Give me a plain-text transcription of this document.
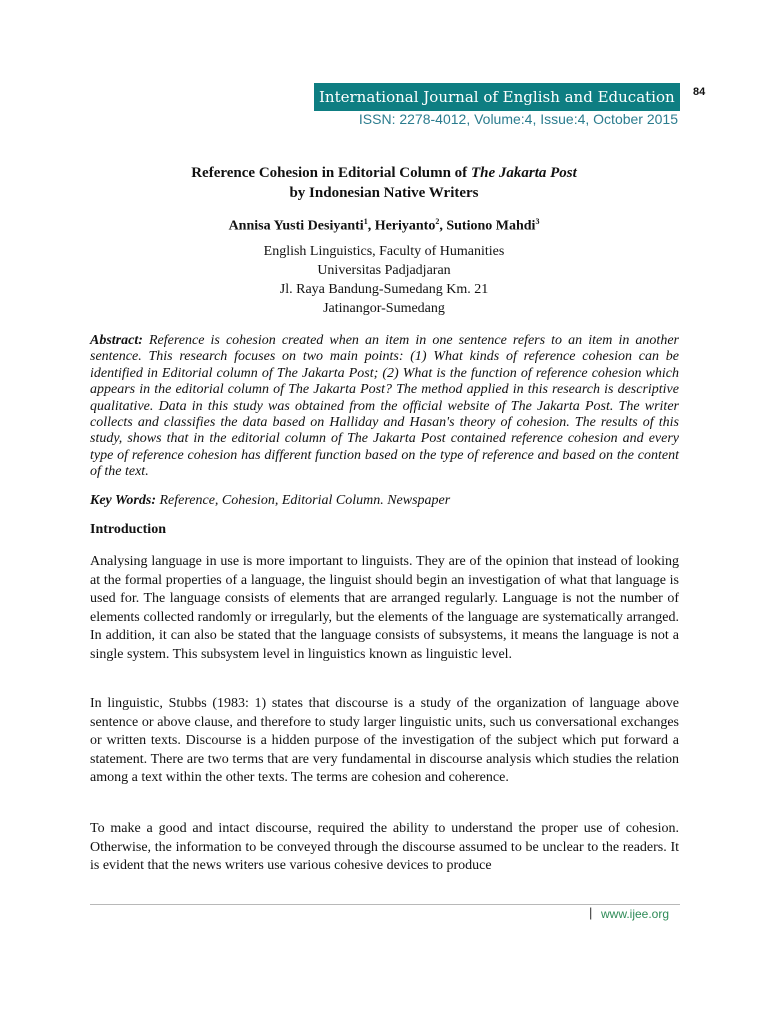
International Journal of English and Education	84
ISSN: 2278-4012, Volume:4, Issue:4, October 2015
Reference Cohesion in Editorial Column of The Jakarta Post
by Indonesian Native Writers
Annisa Yusti Desiyanti$^1$, Heriyanto$^2$, Sutiono Mahdi$^3$
English Linguistics, Faculty of Humanities
Universitas Padjadjaran
Jl. Raya Bandung-Sumedang Km. 21
Jatinangor-Sumedang

Abstract: Reference is cohesion created when an item in one sentence refers to an item in another sentence. This research focuses on two main points: (1) What kinds of reference cohesion can be identified in Editorial column of The Jakarta Post; (2) What is the function of reference cohesion which appears in the editorial column of The Jakarta Post? The method applied in this research is descriptive qualitative. Data in this study was obtained from the official website of The Jakarta Post. The writer collects and classifies the data based on Halliday and Hasan's theory of cohesion. The results of this study, shows that in the editorial column of The Jakarta Post contained reference cohesion and every type of reference cohesion has different function based on the type of reference and based on the content of the text.

Key Words: Reference, Cohesion, Editorial Column. Newspaper
Introduction

Analysing language in use is more important to linguists. They are of the opinion that instead of looking at the formal properties of a language, the linguist should begin an investigation of what that language is used for. The language consists of elements that are arranged regularly. Language is not the number of elements collected randomly or irregularly, but the elements of the language are systematically arranged. In addition, it can also be stated that the language consists of subsystems, it means the language is not a single system. This subsystem level in linguistics known as linguistic level.

In linguistic, Stubbs (1983: 1) states that discourse is a study of the organization of language above sentence or above clause, and therefore to study larger linguistic units, such us conversational exchanges or written texts. Discourse is a hidden purpose of the investigation of the subject which put forward a statement. There are two terms that are very fundamental in discourse analysis which studies the relation among a text within the other texts. The terms are cohesion and coherence.

To make a good and intact discourse, required the ability to understand the proper use of cohesion. Otherwise, the information to be conveyed through the discourse assumed to be unclear to the readers. It is evident that the news writers use various cohesive devices to produce

| www.ijee.org
